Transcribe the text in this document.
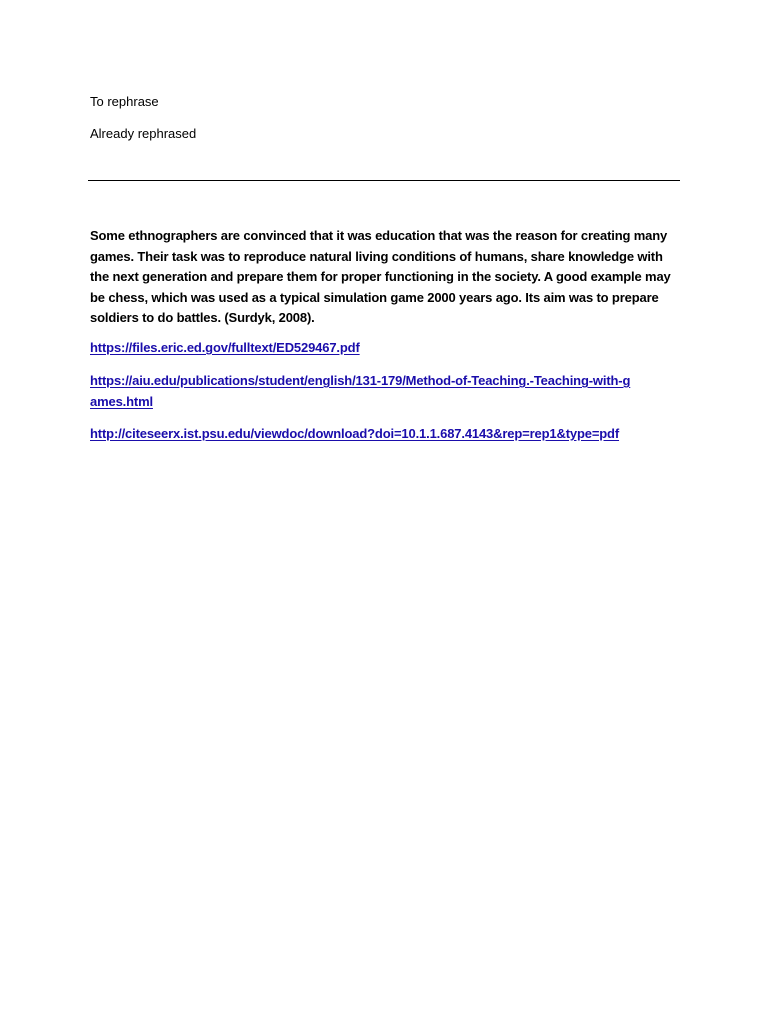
To rephrase
Already rephrased

Some ethnographers are convinced that it was education that was the reason for creating many games. Their task was to reproduce natural living conditions of humans, share knowledge with the next generation and prepare them for proper functioning in the society. A good example may be chess, which was used as a typical simulation game 2000 years ago. Its aim was to prepare soldiers to do battles. (Surdyk, 2008).

https://files.eric.ed.gov/fulltext/ED529467.pdf
https://aiu.edu/publications/student/english/131-179/Method-of-Teaching.-Teaching-with-games.html
http://citeseerx.ist.psu.edu/viewdoc/download?doi=10.1.1.687.4143&rep=rep1&type=pdf
